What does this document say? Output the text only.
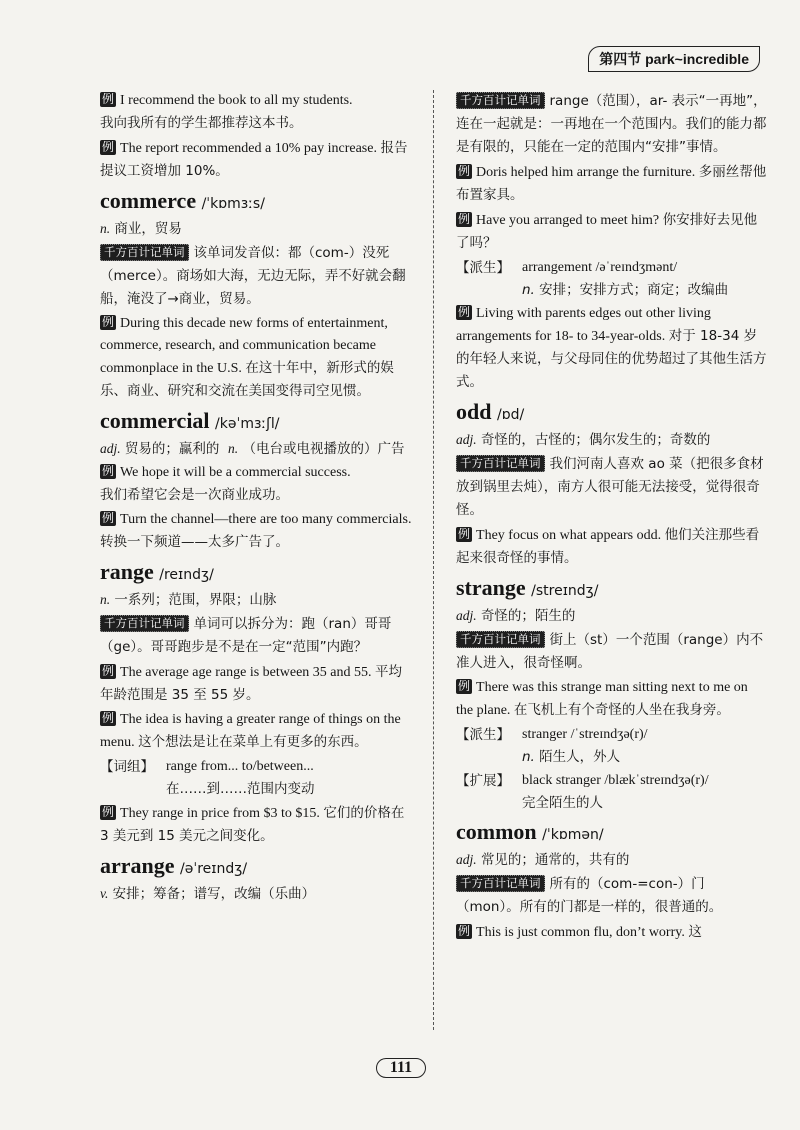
第四节 park~incredible
例 I recommend the book to all my students.
我向我所有的学生都推荐这本书。
例 The report recommended a 10% pay increase. 报告提议工资增加 10%。
commerce /ˈkɒmɜːs/
n. 商业，贸易
千方百计记单词 该单词发音似：都（com-）没死（merce）。商场如大海，无边无际，弄不好就会翻船，淹没了→商业，贸易。
例 During this decade new forms of entertainment, commerce, research, and communication became commonplace in the U.S. 在这十年中，新形式的娱乐、商业、研究和交流在美国变得司空见惯。
commercial /kəˈmɜːʃl/
adj. 贸易的；赢利的 n. （电台或电视播放的）广告
例 We hope it will be a commercial success.
我们希望它会是一次商业成功。
例 Turn the channel—there are too many commercials. 转换一下频道——太多广告了。
range /reɪndʒ/
n. 一系列；范围，界限；山脉
千方百计记单词 单词可以拆分为：跑（ran）哥哥（ge）。哥哥跑步是不是在一定“范围”内跑？
例 The average age range is between 35 and 55. 平均年龄范围是 35 至 55 岁。
例 The idea is having a greater range of things on the menu. 这个想法是让在菜单上有更多的东西。
【词组】 range from... to/between...
在……到……范围内变动
例 They range in price from $3 to $15. 它们的价格在 3 美元到 15 美元之间变化。
arrange /əˈreɪndʒ/
v. 安排；筹备；谱写，改编（乐曲）
千方百计记单词 range（范围），ar- 表示“一再地”，连在一起就是：一再地在一个范围内。我们的能力都是有限的，只能在一定的范围内“安排”事情。
例 Doris helped him arrange the furniture. 多丽丝帮他布置家具。
例 Have you arranged to meet him? 你安排好去见他了吗？
【派生】 arrangement /əˈreɪndʒmənt/
n. 安排；安排方式；商定；改编曲
例 Living with parents edges out other living arrangements for 18- to 34-year-olds. 对于 18-34 岁的年轻人来说，与父母同住的优势超过了其他生活方式。
odd /ɒd/
adj. 奇怪的，古怪的；偶尔发生的；奇数的
千方百计记单词 我们河南人喜欢 ao 菜（把很多食材放到锅里去炖），南方人很可能无法接受，觉得很奇怪。
例 They focus on what appears odd. 他们关注那些看起来很奇怪的事情。
strange /streɪndʒ/
adj. 奇怪的；陌生的
千方百计记单词 街上（st）一个范围（range）内不准人进入，很奇怪啊。
例 There was this strange man sitting next to me on the plane. 在飞机上有个奇怪的人坐在我身旁。
【派生】 stranger /ˈstreɪndʒə(r)/
n. 陌生人，外人
【扩展】 black stranger /blækˈstreɪndʒə(r)/
完全陌生的人
common /ˈkɒmən/
adj. 常见的；通常的，共有的
千方百计记单词 所有的（com-=con-）门（mon）。所有的门都是一样的，很普通的。
例 This is just common flu, don’t worry. 这
111
